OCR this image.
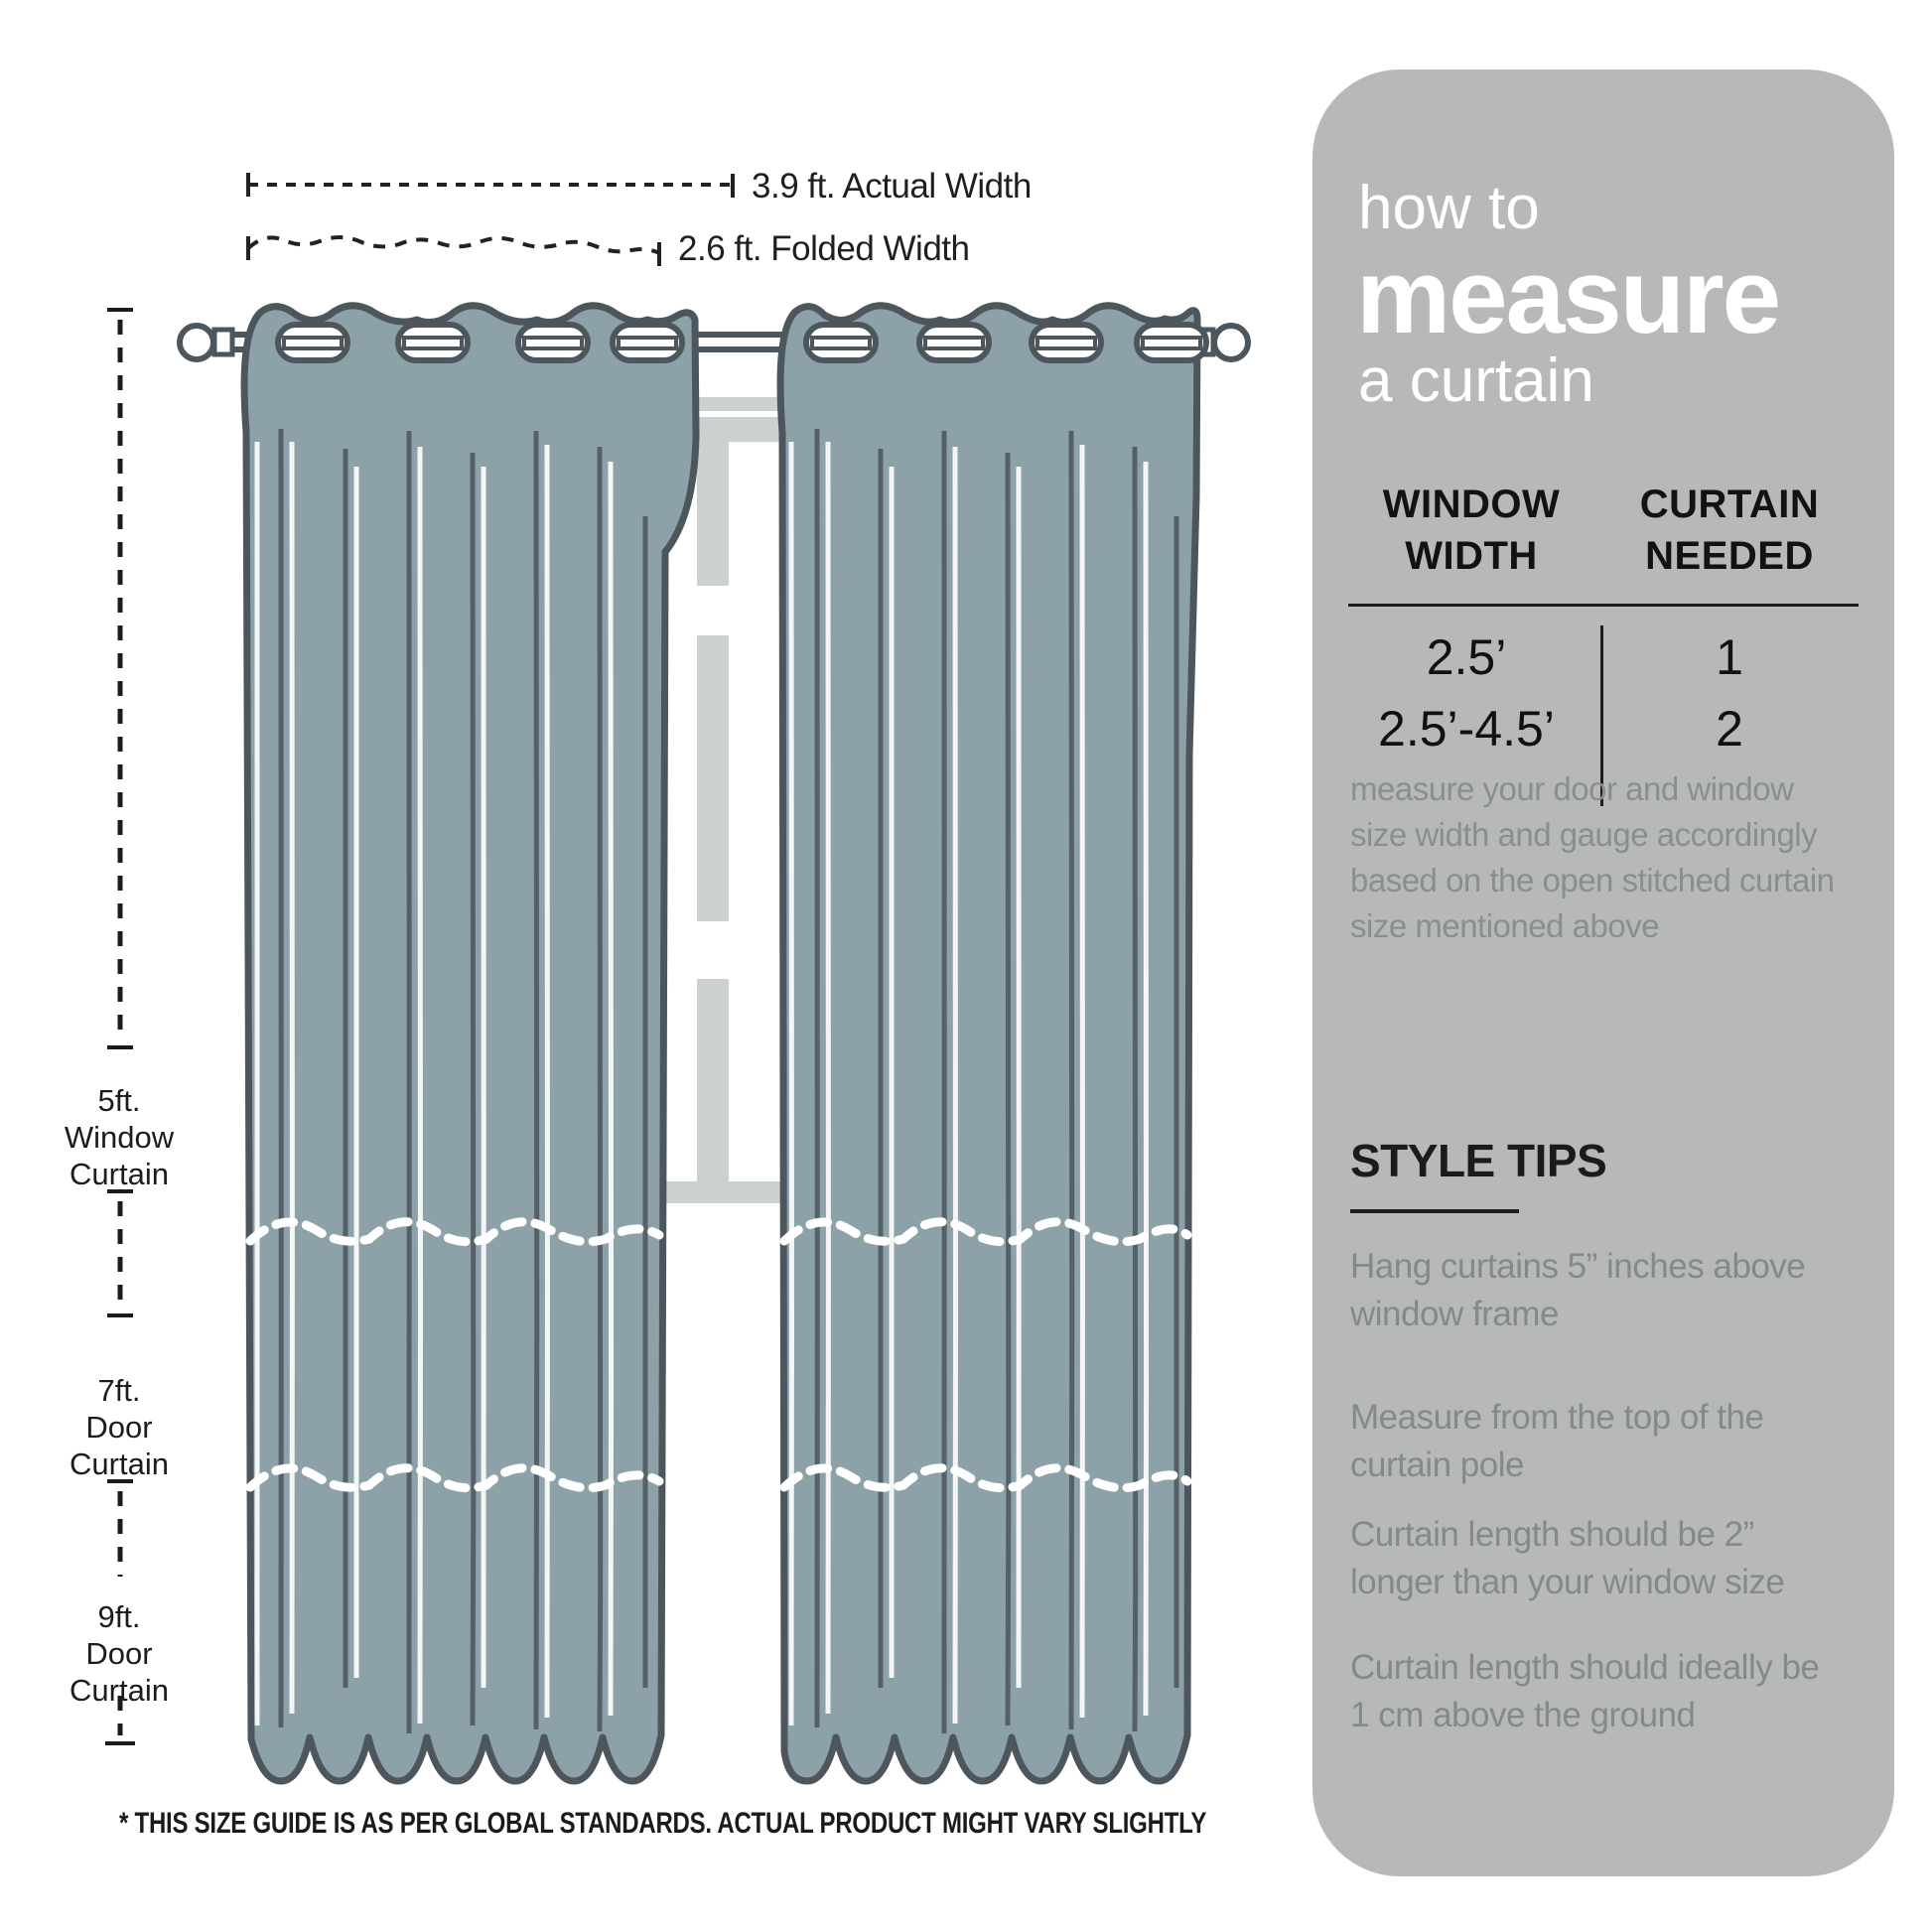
3.9 ft. Actual Width
2.6 ft. Folded Width
5ft.
Window
Curtain
7ft.
Door
Curtain
9ft.
Door
Curtain
* THIS SIZE GUIDE IS AS PER GLOBAL STANDARDS. ACTUAL PRODUCT MIGHT VARY SLIGHTLY
how to
measure
a curtain
WINDOW
WIDTH
CURTAIN
NEEDED
2.5’
2.5’-4.5’
1
2
measure your door and window
size width and gauge accordingly
based on the open stitched curtain
size mentioned above
STYLE TIPS
Hang curtains 5” inches above
window frame
Measure from the top of the
curtain pole
Curtain length should be 2”
longer than your window size
Curtain length should ideally be
1 cm above the ground
